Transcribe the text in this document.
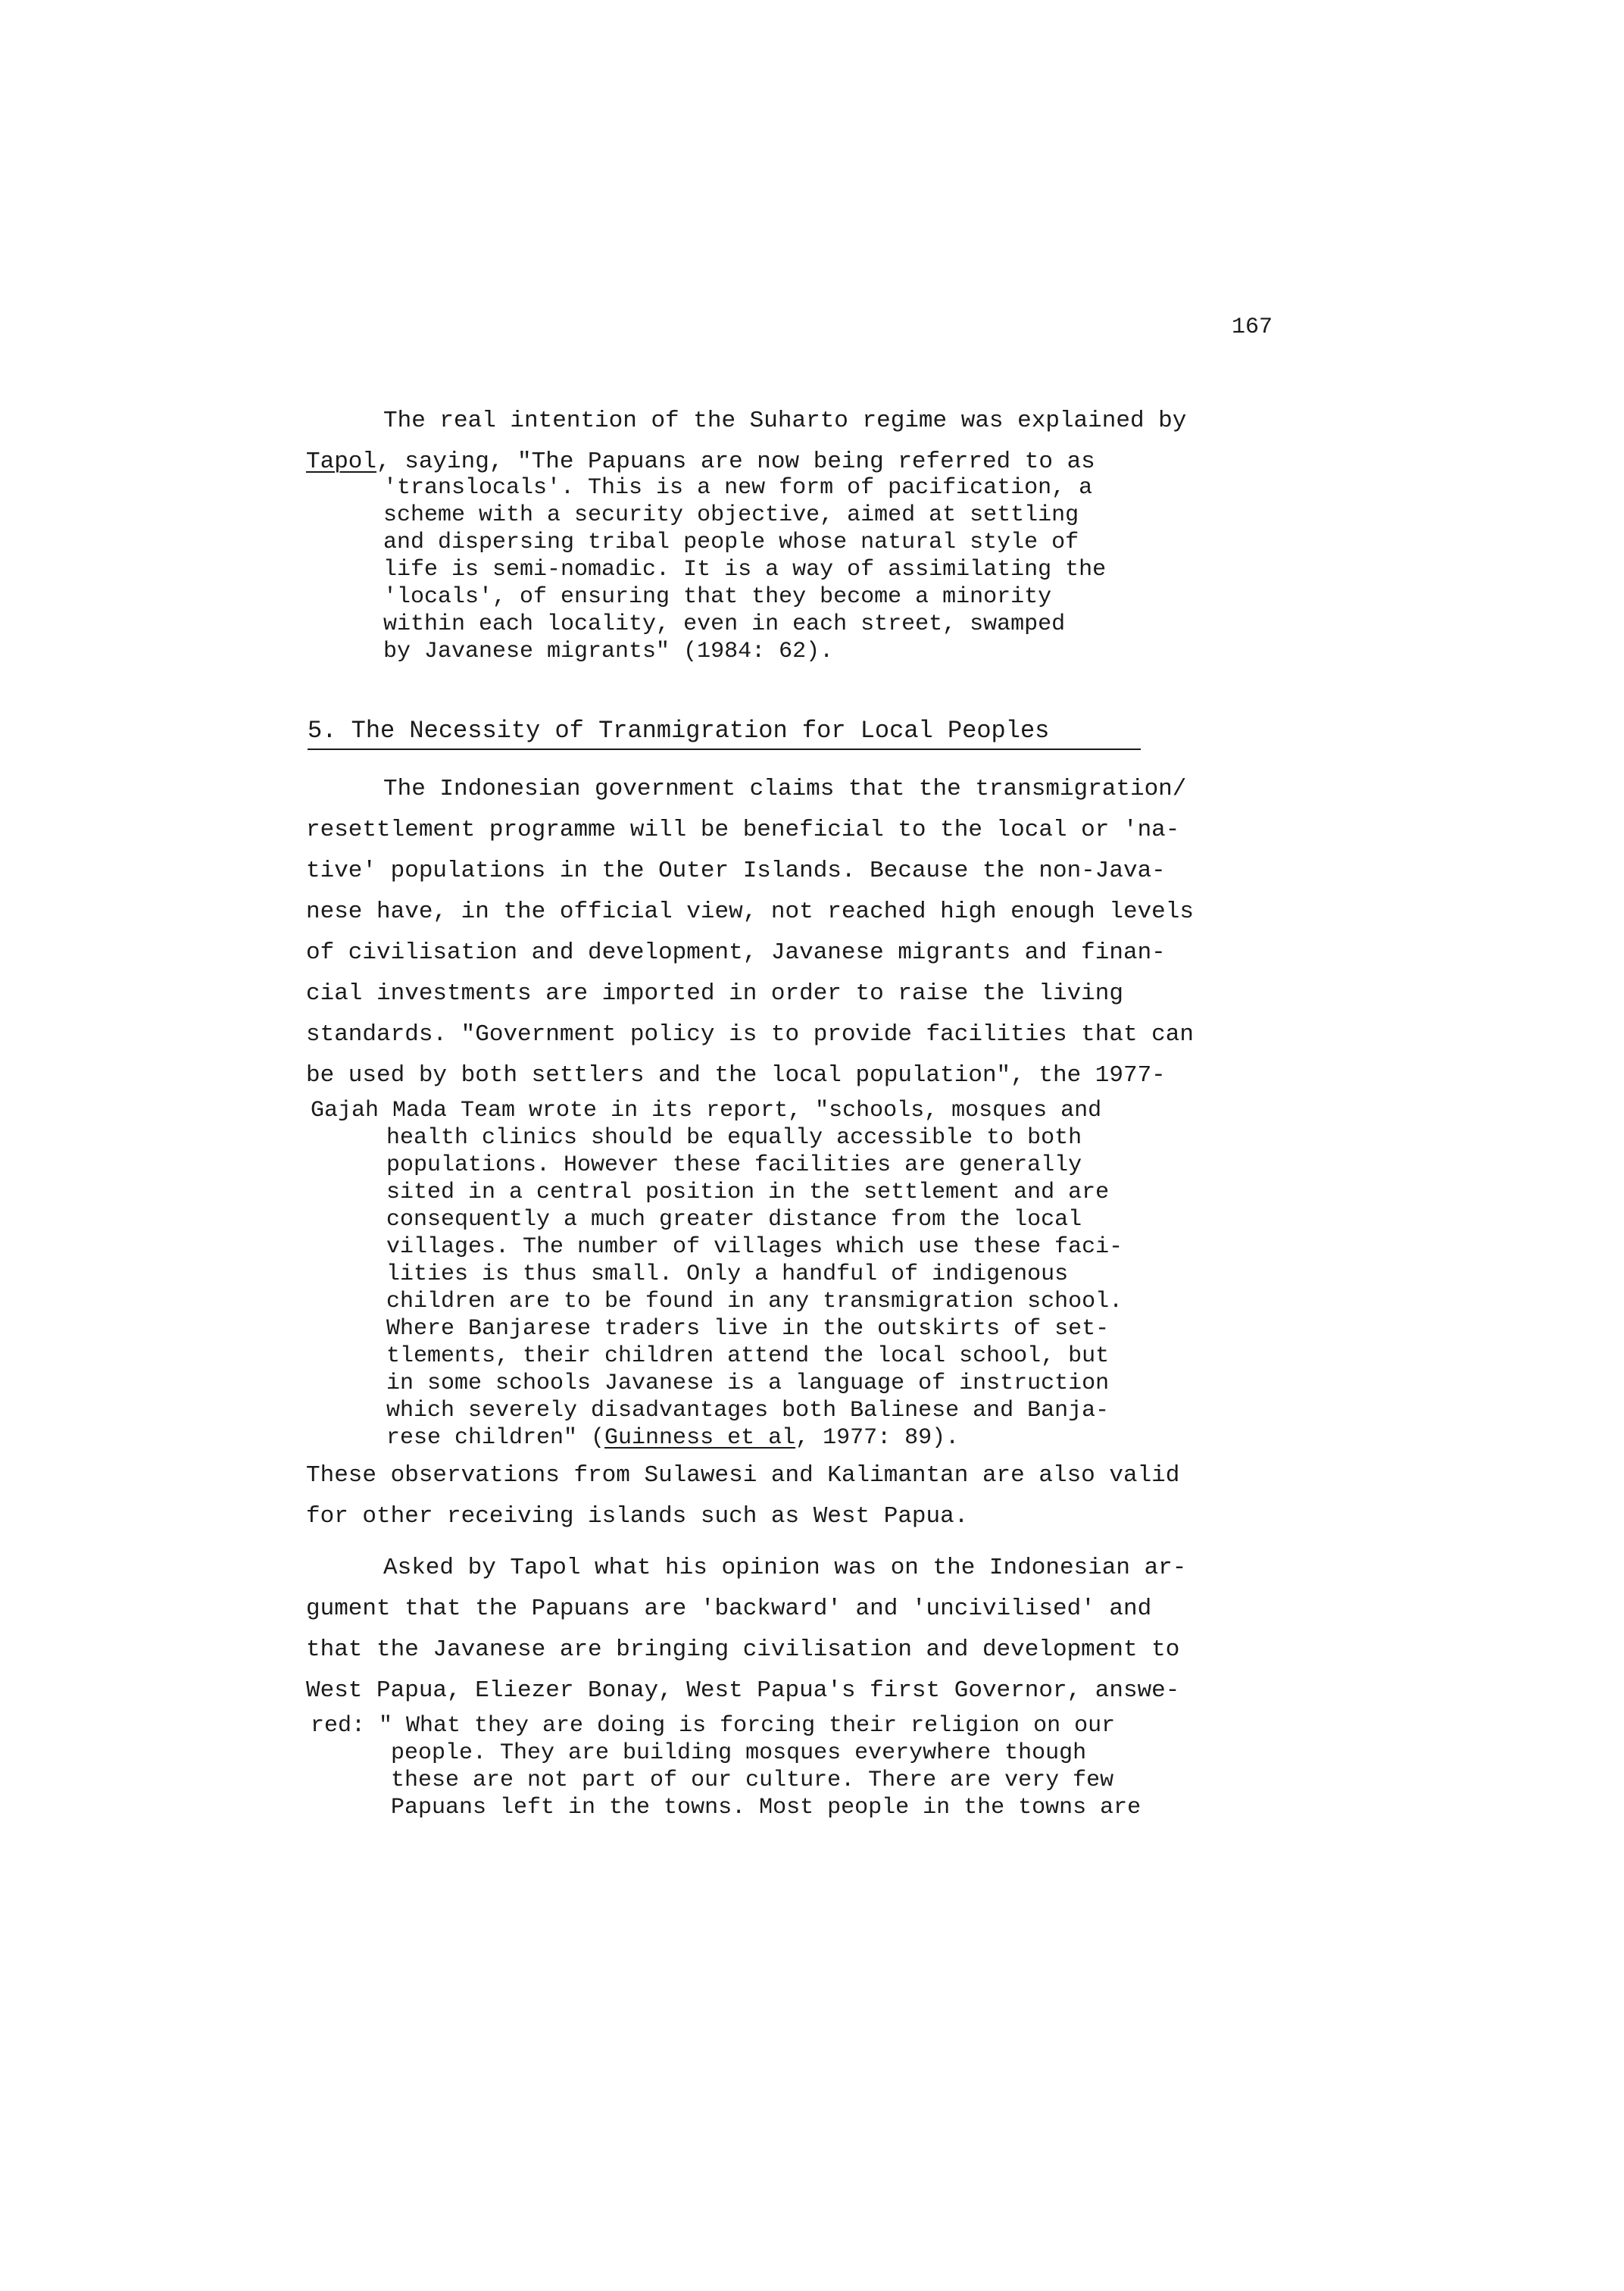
167
The real intention of the Suharto regime was explained by
Tapol, saying, "The Papuans are now being referred to as
'translocals'. This is a new form of pacification, a
scheme with a security objective, aimed at settling
and dispersing tribal people whose natural style of
life is semi-nomadic. It is a way of assimilating the
'locals', of ensuring that they become a minority
within each locality, even in each street, swamped
by Javanese migrants" (1984: 62).
5. The Necessity of Tranmigration for Local Peoples
The Indonesian government claims that the transmigration/
resettlement programme will be beneficial to the local or 'na-
tive' populations in the Outer Islands. Because the non-Java-
nese have, in the official view, not reached high enough levels
of civilisation and development, Javanese migrants and finan-
cial investments are imported in order to raise the living
standards. "Government policy is to provide facilities that can
be used by both settlers and the local population", the 1977-
Gajah Mada Team wrote in its report, "schools, mosques and
health clinics should be equally accessible to both
populations. However these facilities are generally
sited in a central position in the settlement and are
consequently a much greater distance from the local
villages. The number of villages which use these faci-
lities is thus small. Only a handful of indigenous
children are to be found in any transmigration school.
Where Banjarese traders live in the outskirts of set-
tlements, their children attend the local school, but
in some schools Javanese is a language of instruction
which severely disadvantages both Balinese and Banja-
rese children" (Guinness et al, 1977: 89).
These observations from Sulawesi and Kalimantan are also valid
for other receiving islands such as West Papua.
Asked by Tapol what his opinion was on the Indonesian ar-
gument that the Papuans are 'backward' and 'uncivilised' and
that the Javanese are bringing civilisation and development to
West Papua, Eliezer Bonay, West Papua's first Governor, answe-
red: " What they are doing is forcing their religion on our
people. They are building mosques everywhere though
these are not part of our culture. There are very few
Papuans left in the towns. Most people in the towns are
